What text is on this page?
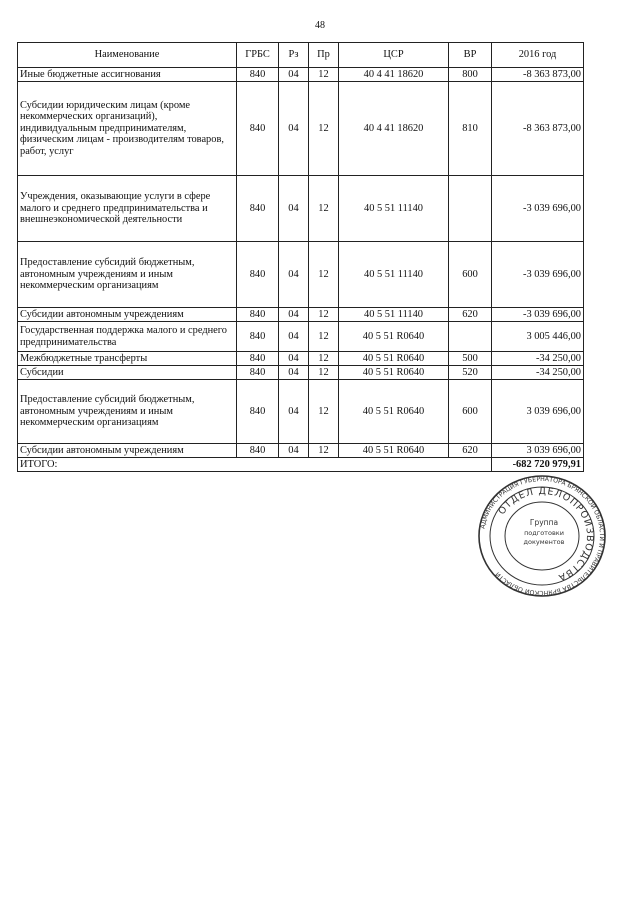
48
Наименование	ГРБС	Рз	Пр	ЦСР	ВР	2016 год
Иные бюджетные ассигнования	840	04	12	40 4 41 18620	800	-8 363 873,00
Субсидии юридическим лицам (кроме некоммерческих организаций), индивидуальным предпринимателям, физическим лицам - производителям товаров, работ, услуг	840	04	12	40 4 41 18620	810	-8 363 873,00
Учреждения, оказывающие услуги в сфере малого и среднего предпринимательства и внешнеэкономической деятельности	840	04	12	40 5 51 11140		-3 039 696,00
Предоставление субсидий бюджетным, автономным учреждениям и иным некоммерческим организациям	840	04	12	40 5 51 11140	600	-3 039 696,00
Субсидии автономным учреждениям	840	04	12	40 5 51 11140	620	-3 039 696,00
Государственная поддержка малого и среднего предпринимательства	840	04	12	40 5 51 R0640		3 005 446,00
Межбюджетные трансферты	840	04	12	40 5 51 R0640	500	-34 250,00
Субсидии	840	04	12	40 5 51 R0640	520	-34 250,00
Предоставление субсидий бюджетным, автономным учреждениям и иным некоммерческим организациям	840	04	12	40 5 51 R0640	600	3 039 696,00
Субсидии автономным учреждениям	840	04	12	40 5 51 R0640	620	3 039 696,00
ИТОГО:						-682 720 979,91
АДМИНИСТРАЦИЯ ГУБЕРНАТОРА БРЯНСКОЙ ОБЛАСТИ И ПРАВИТЕЛЬСТВА БРЯНСКОЙ ОБЛАСТИ
ОТДЕЛ ДЕЛОПРОИЗВОДСТВА
Группа
подготовки
документов
